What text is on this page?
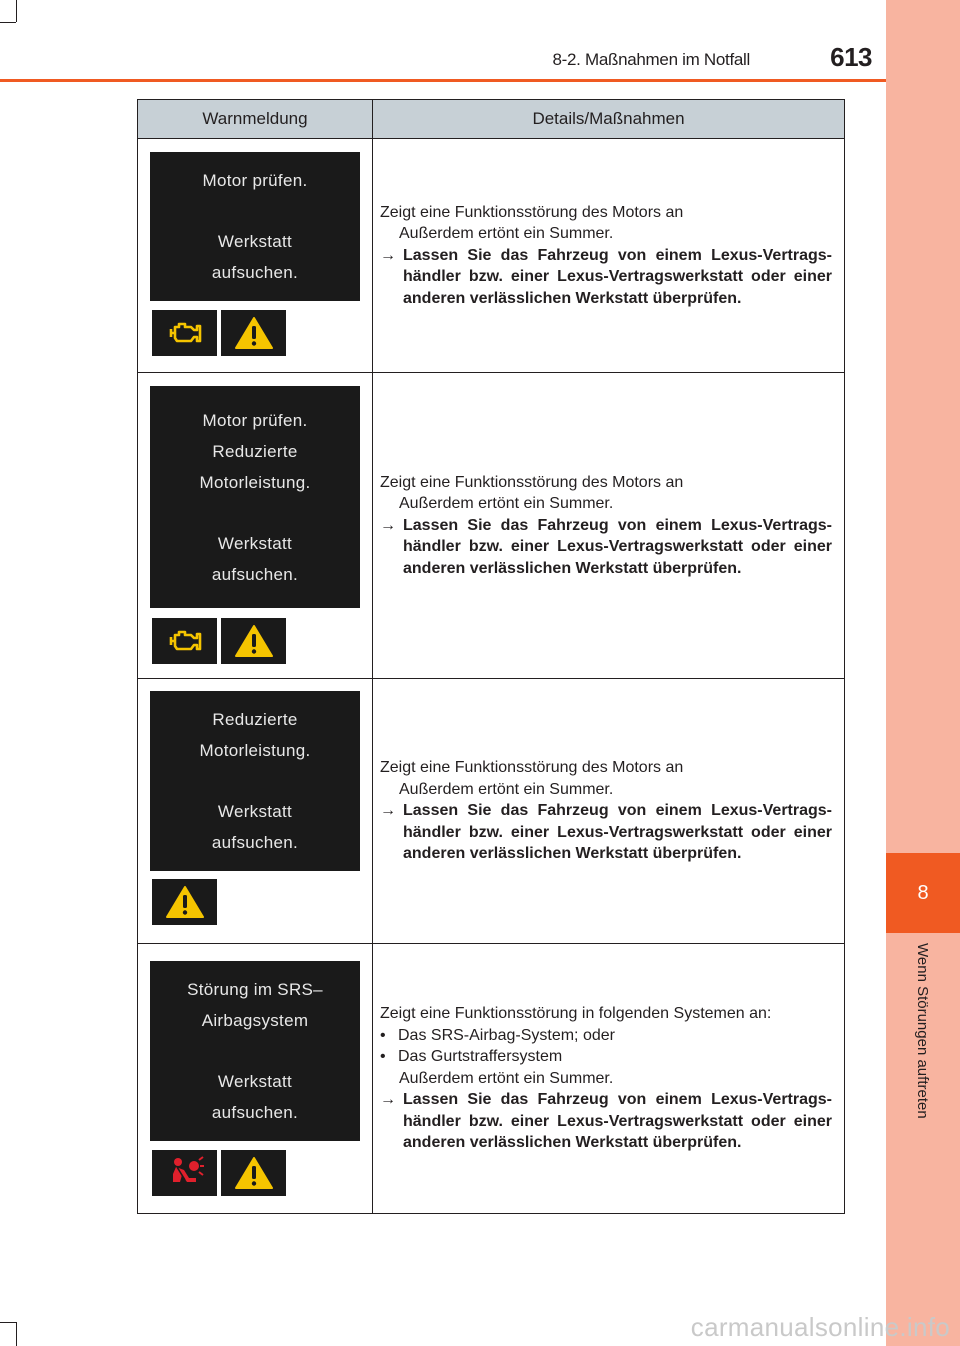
8-2. Maßnahmen im Notfall	613
8
Wenn Störungen auftreten
Warnmeldung	Details/Maßnahmen
Motor prüfen.
Werkstatt
aufsuchen.
Zeigt eine Funktionsstörung des Motors an
Außerdem ertönt ein Summer.
→ Lassen Sie das Fahrzeug von einem Lexus-Vertrags- händler bzw. einer Lexus-Vertragswerkstatt oder einer anderen verlässlichen Werkstatt überprüfen.
Motor prüfen.
Reduzierte
Motorleistung.
Werkstatt
aufsuchen.
Zeigt eine Funktionsstörung des Motors an
Außerdem ertönt ein Summer.
→ Lassen Sie das Fahrzeug von einem Lexus-Vertrags- händler bzw. einer Lexus-Vertragswerkstatt oder einer anderen verlässlichen Werkstatt überprüfen.
Reduzierte
Motorleistung.
Werkstatt
aufsuchen.
Zeigt eine Funktionsstörung des Motors an
Außerdem ertönt ein Summer.
→ Lassen Sie das Fahrzeug von einem Lexus-Vertrags- händler bzw. einer Lexus-Vertragswerkstatt oder einer anderen verlässlichen Werkstatt überprüfen.
Störung im SRS–
Airbagsystem
Werkstatt
aufsuchen.
Zeigt eine Funktionsstörung in folgenden Systemen an:
• Das SRS-Airbag-System; oder
• Das Gurtstraffersystem
Außerdem ertönt ein Summer.
→ Lassen Sie das Fahrzeug von einem Lexus-Vertrags- händler bzw. einer Lexus-Vertragswerkstatt oder einer anderen verlässlichen Werkstatt überprüfen.
carmanualsonline.info
